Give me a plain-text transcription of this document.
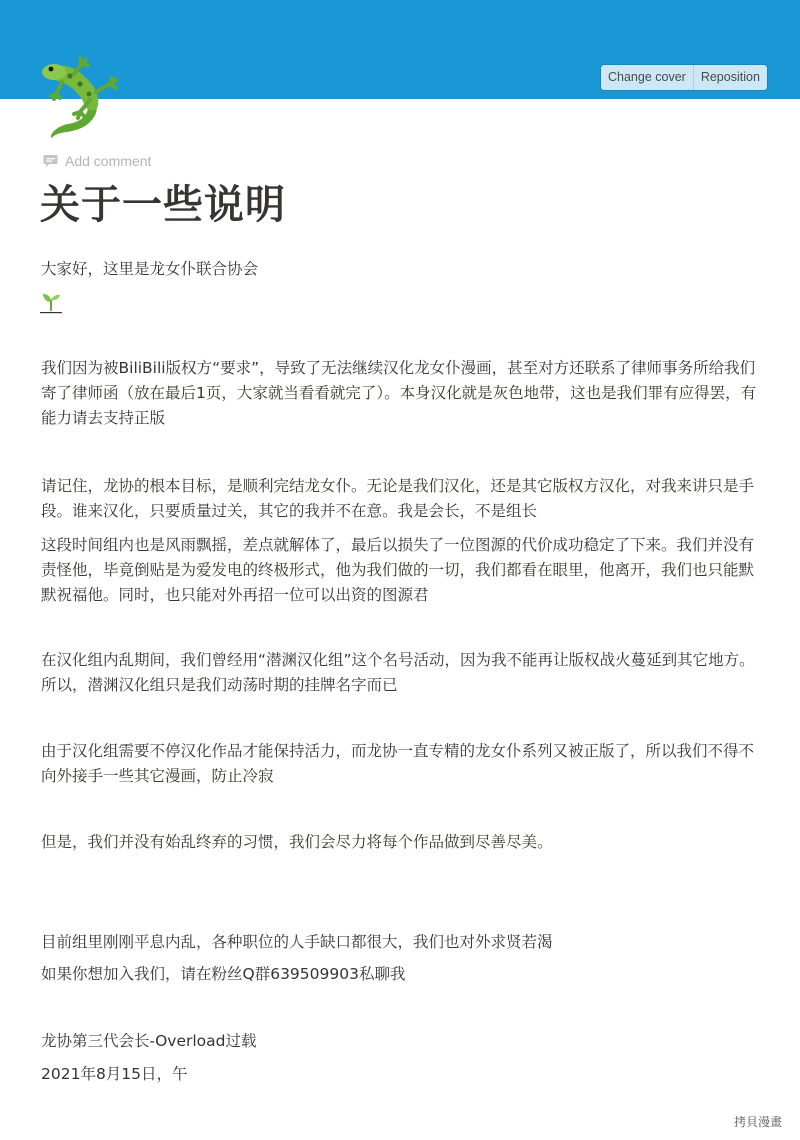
Change cover	Reposition
Add comment
关于一些说明

大家好，这里是龙女仆联合协会

我们因为被BiliBili版权方“要求”，导致了无法继续汉化龙女仆漫画，甚至对方还联系了律师事务所给我们寄了律师函（放在最后1页，大家就当看看就完了）。本身汉化就是灰色地带，这也是我们罪有应得罢，有能力请去支持正版

请记住，龙协的根本目标，是顺利完结龙女仆。无论是我们汉化，还是其它版权方汉化，对我来讲只是手段。谁来汉化，只要质量过关，其它的我并不在意。我是会长，不是组长

这段时间组内也是风雨飘摇，差点就解体了，最后以损失了一位图源的代价成功稳定了下来。我们并没有责怪他，毕竟倒贴是为爱发电的终极形式，他为我们做的一切，我们都看在眼里，他离开，我们也只能默默祝福他。同时，也只能对外再招一位可以出资的图源君

在汉化组内乱期间，我们曾经用“潜渊汉化组”这个名号活动，因为我不能再让版权战火蔓延到其它地方。所以，潜渊汉化组只是我们动荡时期的挂牌名字而已

由于汉化组需要不停汉化作品才能保持活力，而龙协一直专精的龙女仆系列又被正版了，所以我们不得不向外接手一些其它漫画，防止冷寂

但是，我们并没有始乱终弃的习惯，我们会尽力将每个作品做到尽善尽美。

目前组里刚刚平息内乱，各种职位的人手缺口都很大，我们也对外求贤若渴

如果你想加入我们，请在粉丝Q群639509903私聊我

龙协第三代会长-Overload过载

2021年8月15日，午

拷貝漫畫
